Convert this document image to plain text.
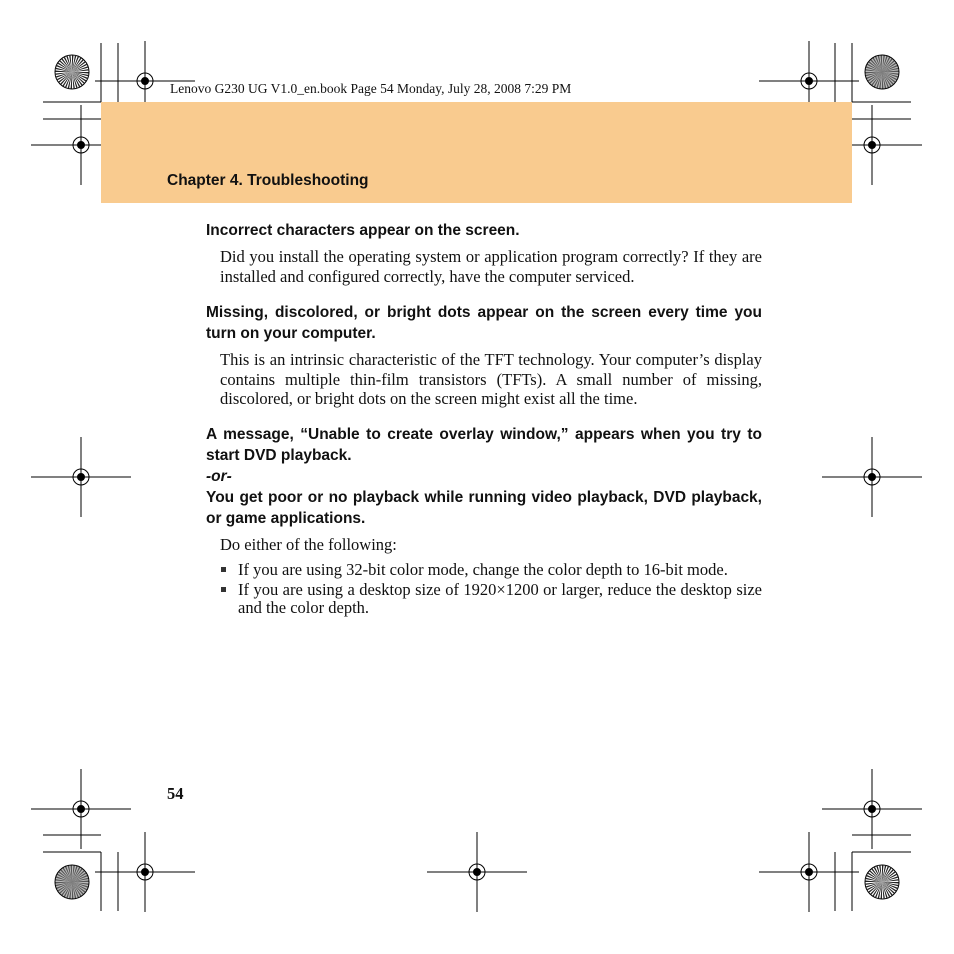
Lenovo G230 UG V1.0_en.book Page 54 Monday, July 28, 2008 7:29 PM
Chapter 4. Troubleshooting
Incorrect characters appear on the screen.
Did you install the operating system or application program correctly? If they are installed and configured correctly, have the computer serviced.
Missing, discolored, or bright dots appear on the screen every time you turn on your computer.
This is an intrinsic characteristic of the TFT technology. Your computer’s display contains multiple thin-film transistors (TFTs). A small number of missing, discolored, or bright dots on the screen might exist all the time.
A message, “Unable to create overlay window,” appears when you try to start DVD playback.
-or-
You get poor or no playback while running video playback, DVD playback, or game applications.
Do either of the following:
If you are using 32-bit color mode, change the color depth to 16-bit mode.
If you are using a desktop size of 1920×1200 or larger, reduce the desktop size and the color depth.
54
